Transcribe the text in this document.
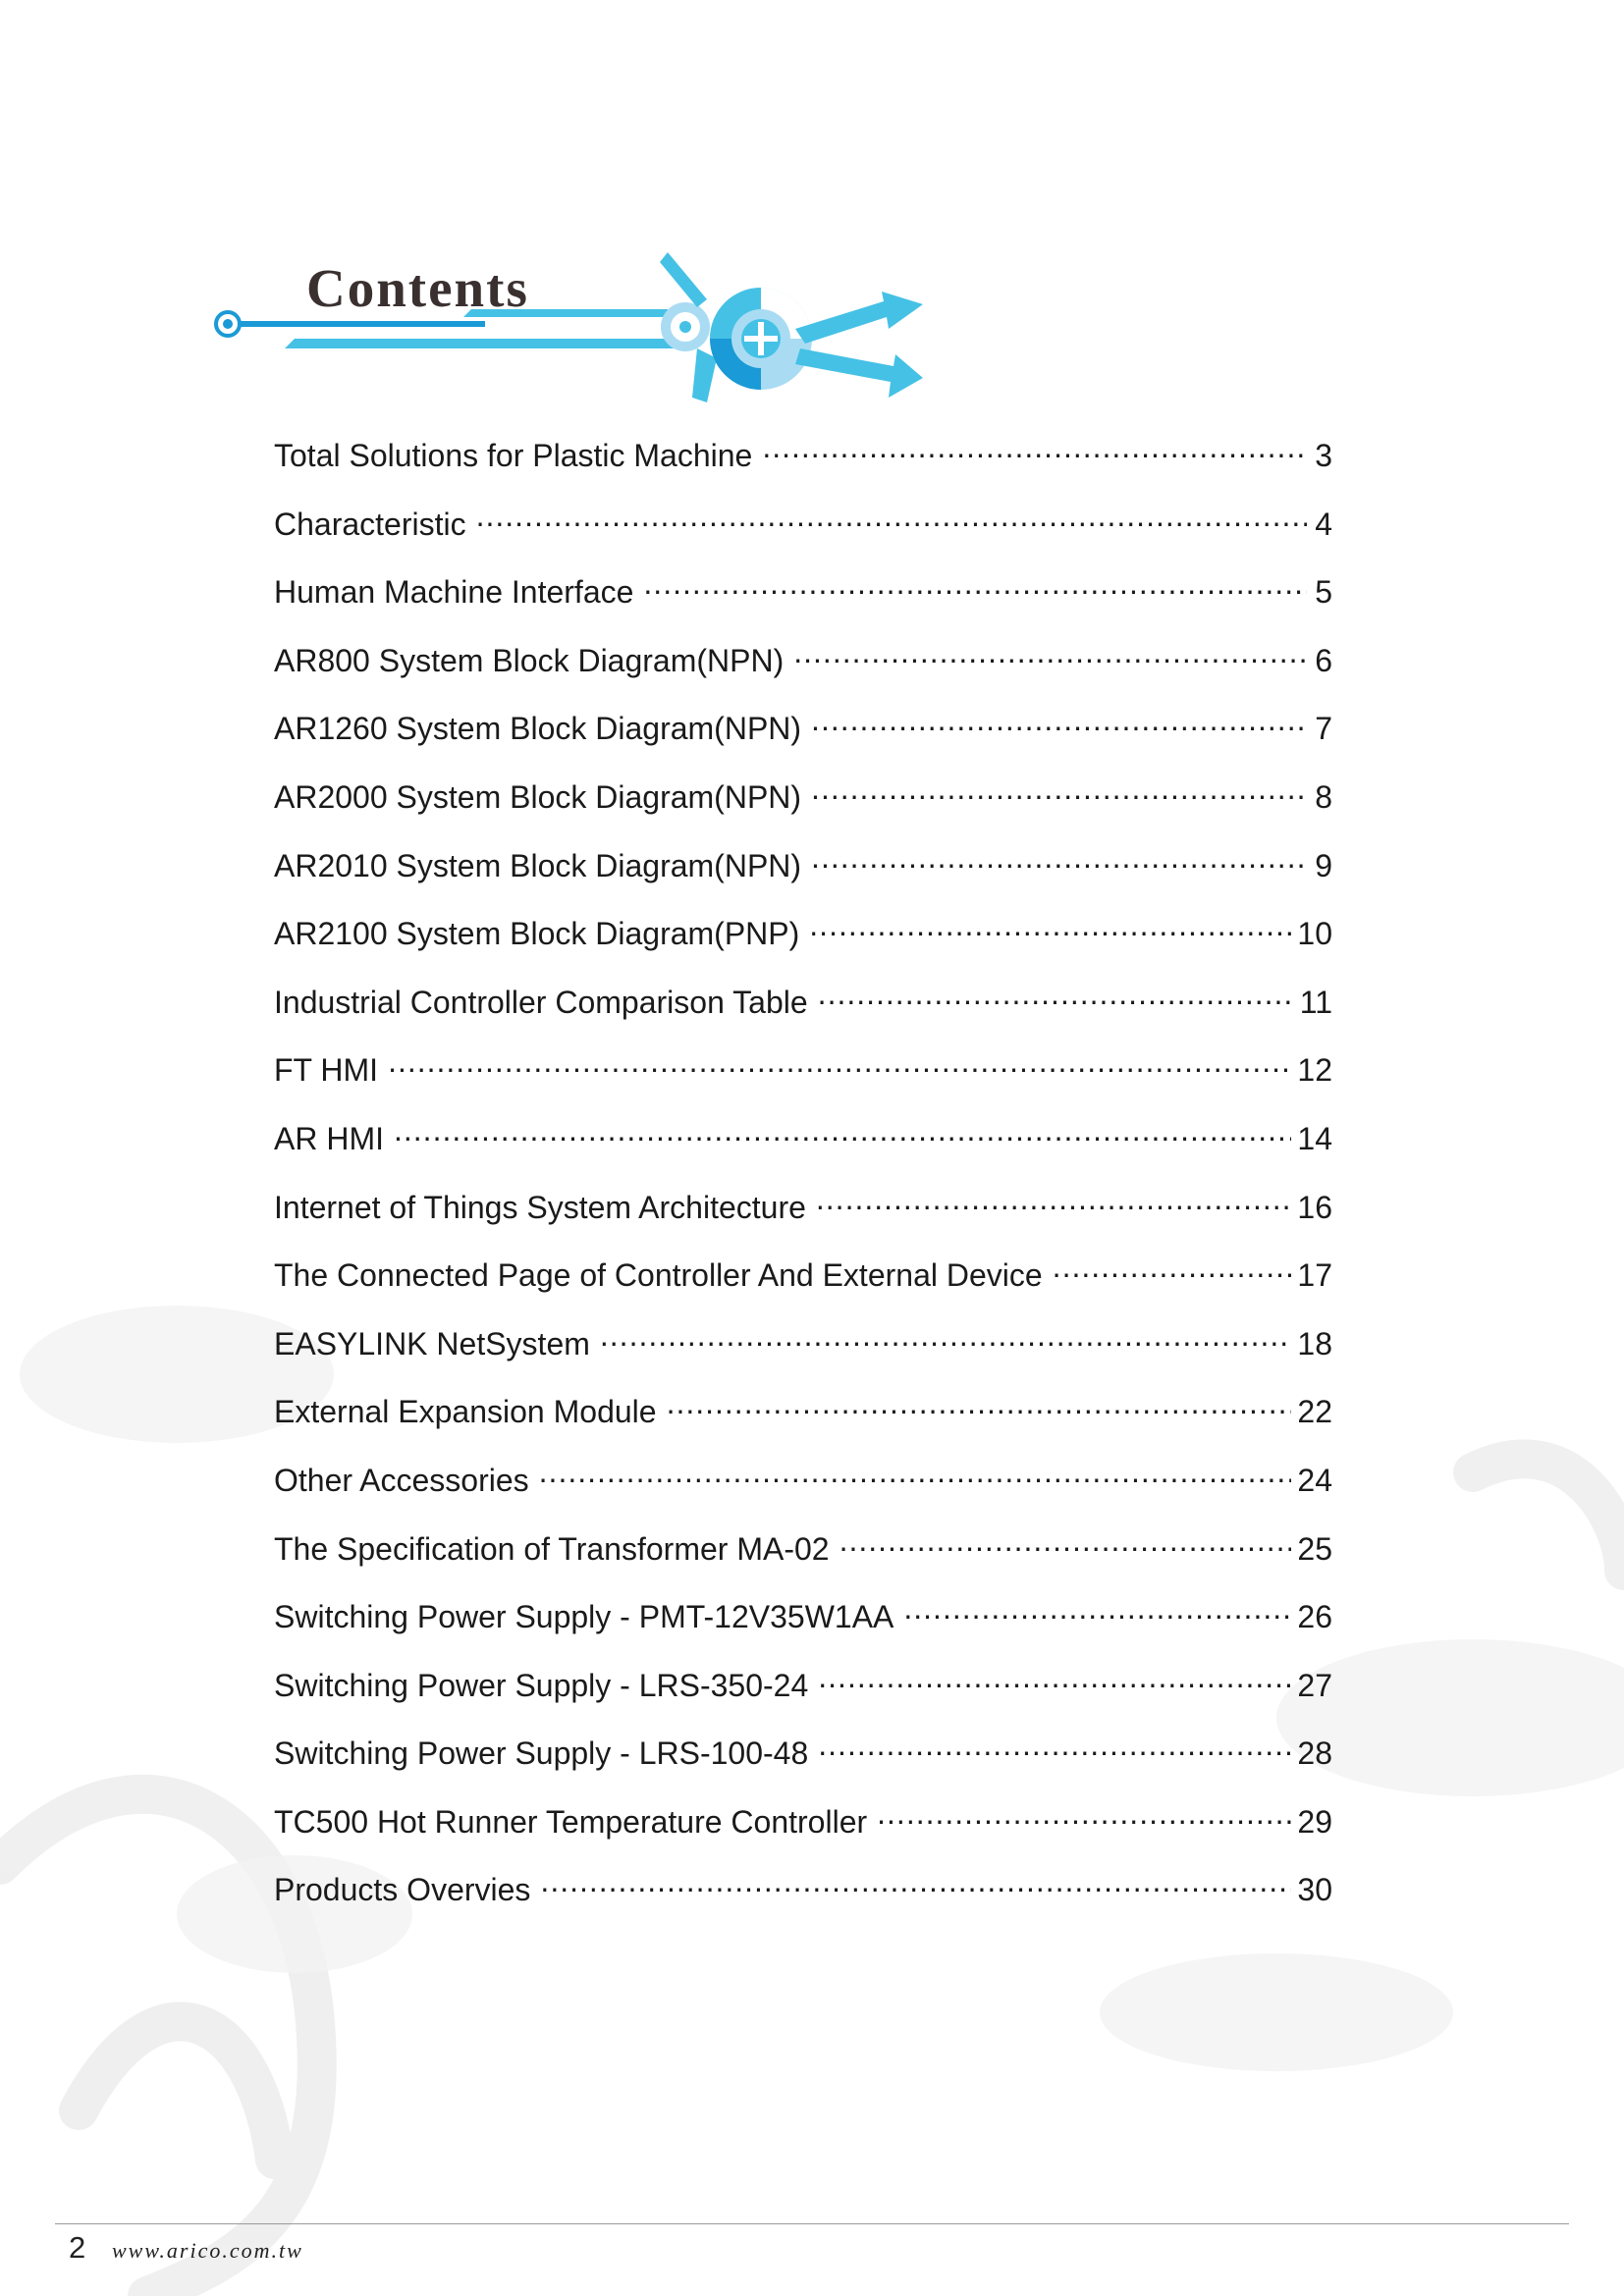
Contents
Total Solutions for Plastic Machine .....	3
Characteristic .....	4
Human Machine Interface .....	5
AR800 System Block Diagram(NPN) .....	6
AR1260 System Block Diagram(NPN) .....	7
AR2000 System Block Diagram(NPN) .....	8
AR2010 System Block Diagram(NPN) .....	9
AR2100 System Block Diagram(PNP) .....	10
Industrial Controller Comparison Table .....	11
FT HMI .....	12
AR HMI .....	14
Internet of Things System Architecture .....	16
The Connected Page of Controller And External Device .....	17
EASYLINK NetSystem .....	18
External Expansion Module .....	22
Other Accessories .....	24
The Specification of Transformer MA-02 .....	25
Switching Power Supply - PMT-12V35W1AA .....	26
Switching Power Supply - LRS-350-24 .....	27
Switching Power Supply - LRS-100-48 .....	28
TC500 Hot Runner Temperature Controller .....	29
Products Overvies .....	30
2 www.arico.com.tw
